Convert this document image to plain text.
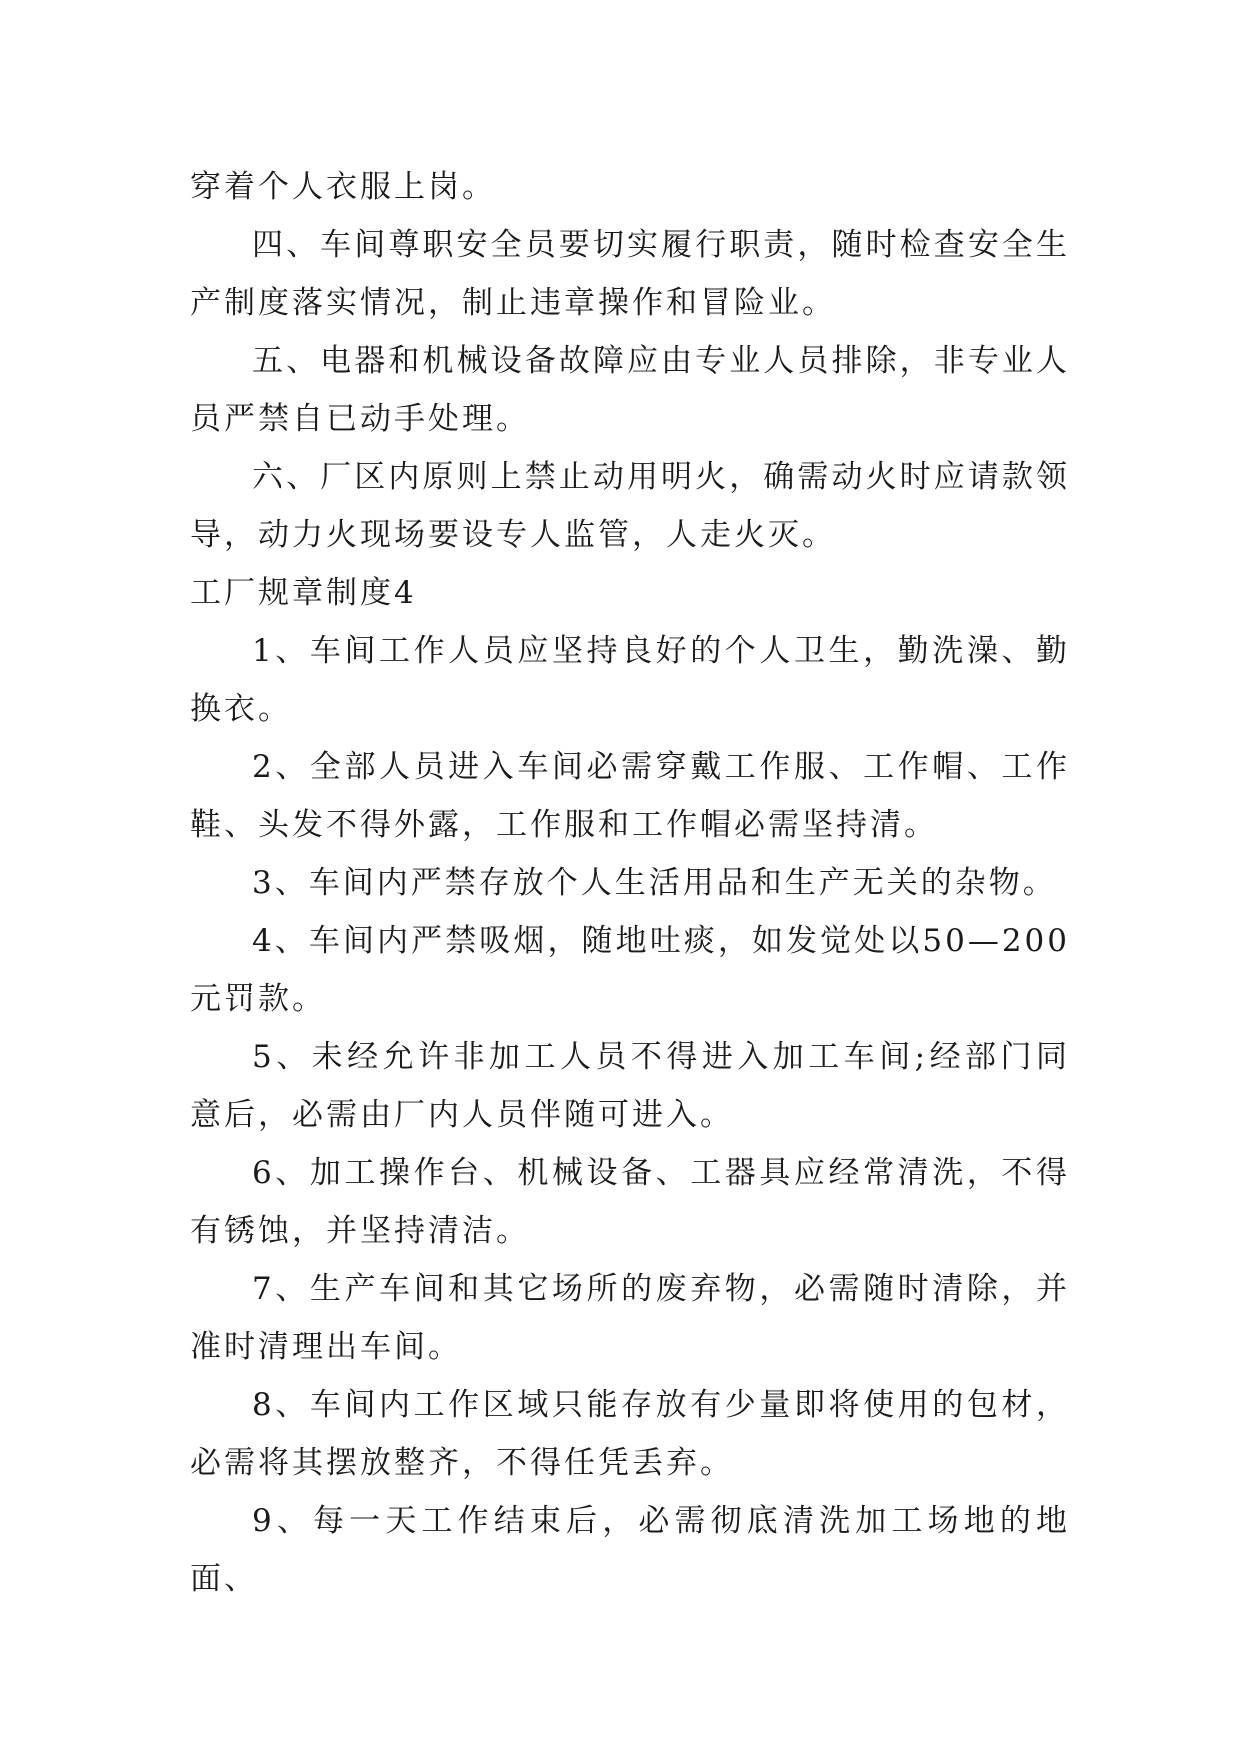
穿着个人衣服上岗。

四、车间尊职安全员要切实履行职责，随时检查安全生产制度落实情况，制止违章操作和冒险业。

五、电器和机械设备故障应由专业人员排除，非专业人员严禁自已动手处理。

六、厂区内原则上禁止动用明火，确需动火时应请款领导，动力火现场要设专人监管，人走火灭。

工厂规章制度4

1、车间工作人员应坚持良好的个人卫生，勤洗澡、勤换衣。

2、全部人员进入车间必需穿戴工作服、工作帽、工作鞋、头发不得外露，工作服和工作帽必需坚持清。

3、车间内严禁存放个人生活用品和生产无关的杂物。

4、车间内严禁吸烟，随地吐痰，如发觉处以50—200元罚款。

5、未经允许非加工人员不得进入加工车间;经部门同意后，必需由厂内人员伴随可进入。

6、加工操作台、机械设备、工器具应经常清洗，不得有锈蚀，并坚持清洁。

7、生产车间和其它场所的废弃物，必需随时清除，并准时清理出车间。

8、车间内工作区域只能存放有少量即将使用的包材，必需将其摆放整齐，不得任凭丢弃。

9、每一天工作结束后，必需彻底清洗加工场地的地面、
